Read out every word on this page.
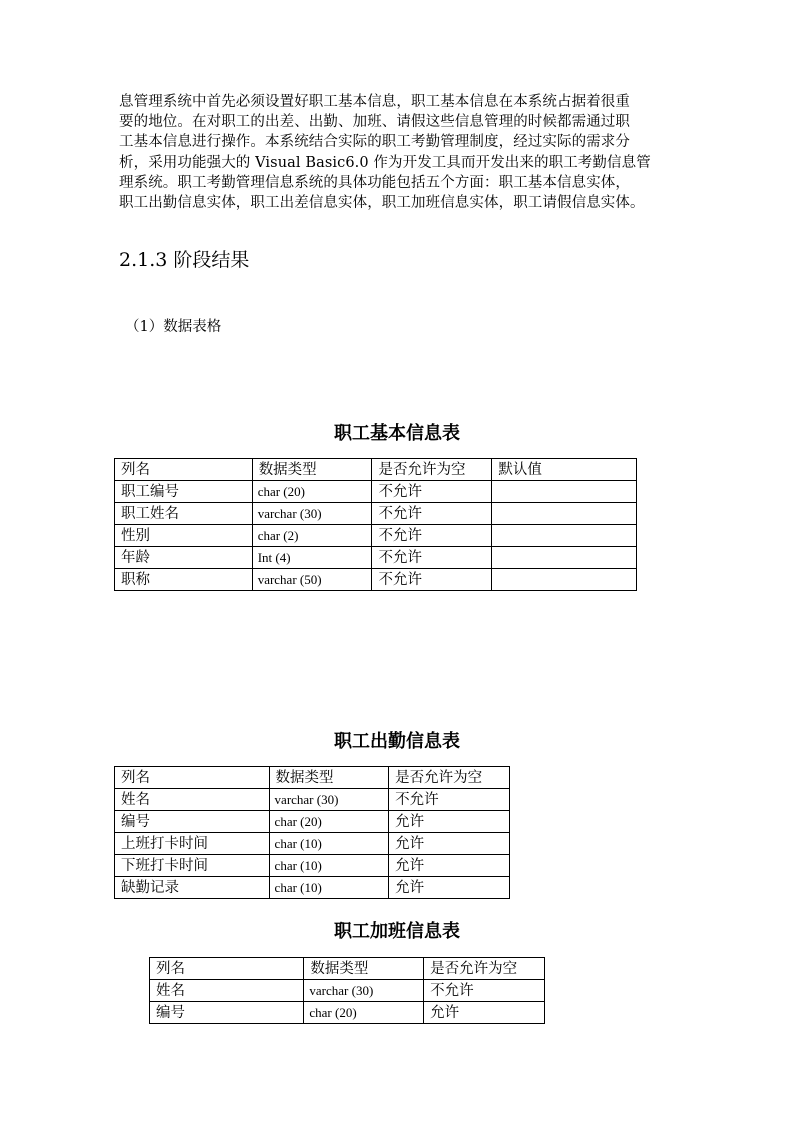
息管理系统中首先必须设置好职工基本信息，职工基本信息在本系统占据着很重
要的地位。在对职工的出差、出勤、加班、请假这些信息管理的时候都需通过职
工基本信息进行操作。本系统结合实际的职工考勤管理制度，经过实际的需求分
析，采用功能强大的 Visual Basic6.0 作为开发工具而开发出来的职工考勤信息管
理系统。职工考勤管理信息系统的具体功能包括五个方面：职工基本信息实体，
职工出勤信息实体，职工出差信息实体，职工加班信息实体，职工请假信息实体。
2.1.3 阶段结果
（1）数据表格
职工基本信息表
列名	数据类型	是否允许为空	默认值
职工编号	char (20)	不允许	
职工姓名	varchar (30)	不允许	
性别	char (2)	不允许	
年龄	Int (4)	不允许	
职称	varchar (50)	不允许	
职工出勤信息表
列名	数据类型	是否允许为空
姓名	varchar (30)	不允许
编号	char (20)	允许
上班打卡时间	char (10)	允许
下班打卡时间	char (10)	允许
缺勤记录	char (10)	允许
职工加班信息表
列名	数据类型	是否允许为空
姓名	varchar (30)	不允许
编号	char (20)	允许
